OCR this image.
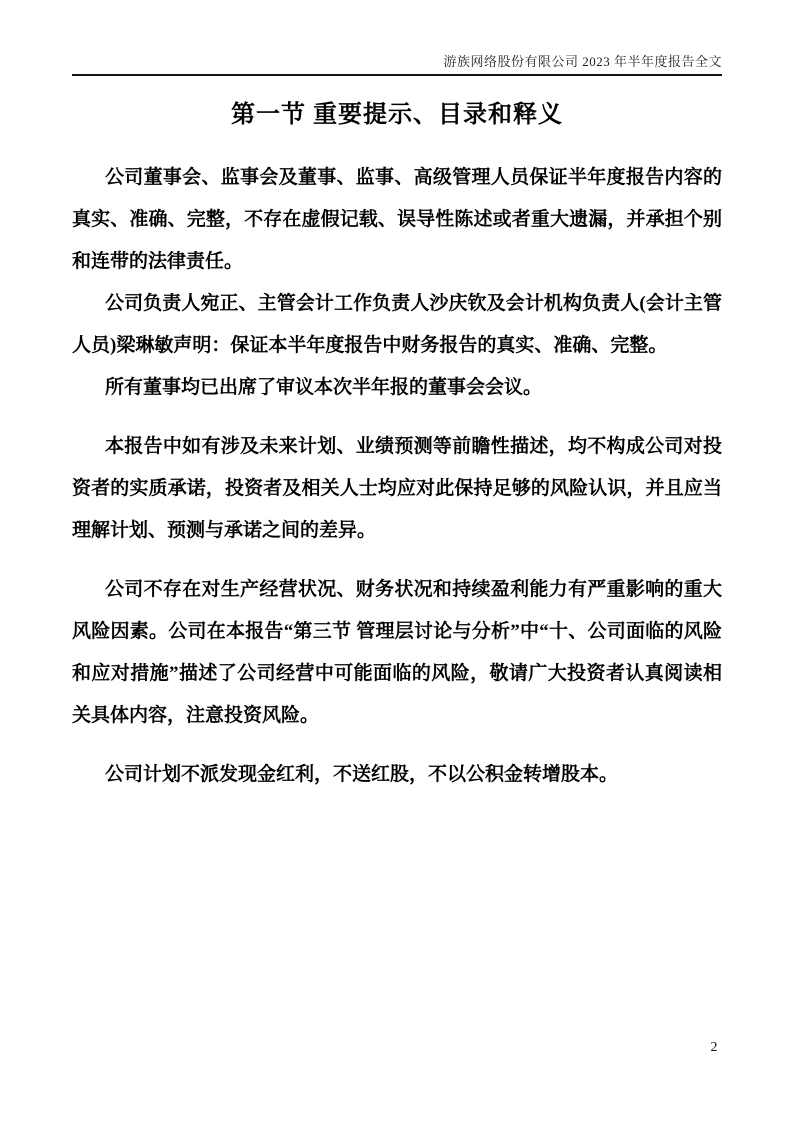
游族网络股份有限公司 2023 年半年度报告全文
第一节 重要提示、目录和释义

公司董事会、监事会及董事、监事、高级管理人员保证半年度报告内容的真实、准确、完整，不存在虚假记载、误导性陈述或者重大遗漏，并承担个别和连带的法律责任。

公司负责人宛正、主管会计工作负责人沙庆钦及会计机构负责人(会计主管人员)梁琳敏声明：保证本半年度报告中财务报告的真实、准确、完整。

所有董事均已出席了审议本次半年报的董事会会议。

本报告中如有涉及未来计划、业绩预测等前瞻性描述，均不构成公司对投资者的实质承诺，投资者及相关人士均应对此保持足够的风险认识，并且应当理解计划、预测与承诺之间的差异。

公司不存在对生产经营状况、财务状况和持续盈利能力有严重影响的重大风险因素。公司在本报告“第三节 管理层讨论与分析”中“十、公司面临的风险和应对措施”描述了公司经营中可能面临的风险，敬请广大投资者认真阅读相关具体内容，注意投资风险。

公司计划不派发现金红利，不送红股，不以公积金转增股本。

2
